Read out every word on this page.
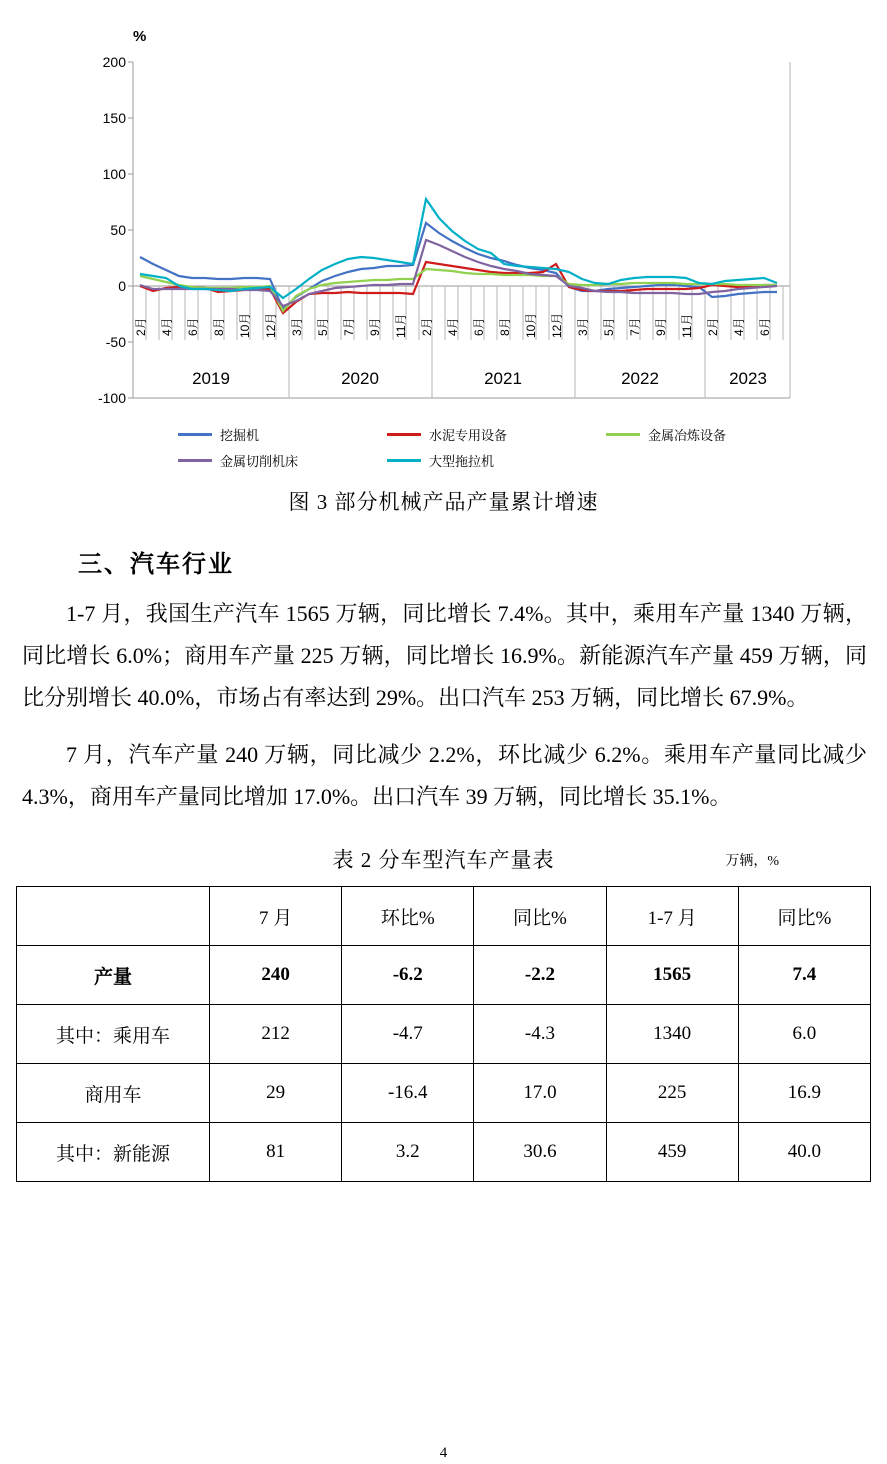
%
200
150
100
50
0
-50
-100
2月 4月 6月 8月 10月 12月 3月 5月 7月 9月 11月 2月 4月 6月 8月 10月 12月 3月 5月 7月 9月 11月 2月 4月 6月
2019	2020	2021	2022	2023
挖掘机	水泥专用设备	金属冶炼设备
金属切削机床	大型拖拉机
图 3 部分机械产品产量累计增速
三、汽车行业
1-7 月，我国生产汽车 1565 万辆，同比增长 7.4%。其中，乘用车产量 1340 万辆，同比增长 6.0%；商用车产量 225 万辆，同比增长 16.9%。新能源汽车产量 459 万辆，同比分别增长 40.0%，市场占有率达到 29%。出口汽车 253 万辆，同比增长 67.9%。
7 月，汽车产量 240 万辆，同比减少 2.2%，环比减少 6.2%。乘用车产量同比减少 4.3%，商用车产量同比增加 17.0%。出口汽车 39 万辆，同比增长 35.1%。
表 2 分车型汽车产量表	万辆，%
	7 月	环比%	同比%	1-7 月	同比%
产量	240	-6.2	-2.2	1565	7.4
其中：乘用车	212	-4.7	-4.3	1340	6.0
商用车	29	-16.4	17.0	225	16.9
其中：新能源	81	3.2	30.6	459	40.0
4
